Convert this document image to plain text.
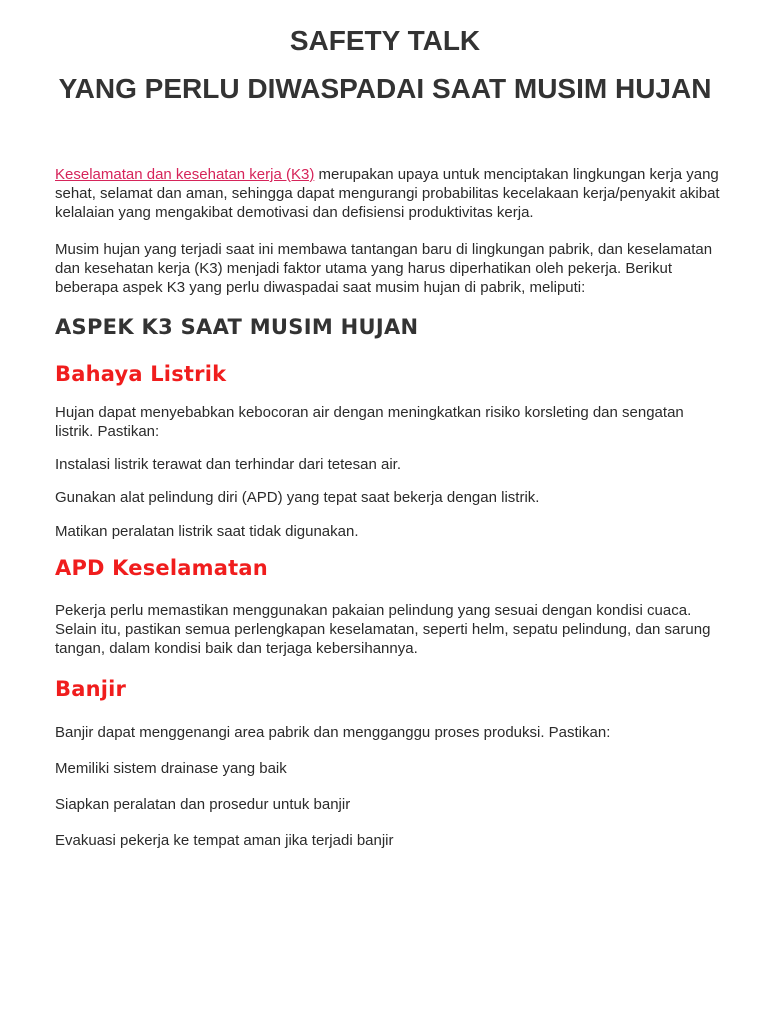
SAFETY TALK
YANG PERLU DIWASPADAI SAAT MUSIM HUJAN

Keselamatan dan kesehatan kerja (K3) merupakan upaya untuk menciptakan lingkungan kerja yang sehat, selamat dan aman, sehingga dapat mengurangi probabilitas kecelakaan kerja/penyakit akibat kelalaian yang mengakibat demotivasi dan defisiensi produktivitas kerja.

Musim hujan yang terjadi saat ini membawa tantangan baru di lingkungan pabrik, dan keselamatan dan kesehatan kerja (K3) menjadi faktor utama yang harus diperhatikan oleh pekerja. Berikut beberapa aspek K3 yang perlu diwaspadai saat musim hujan di pabrik, meliputi:

ASPEK K3 SAAT MUSIM HUJAN
Bahaya Listrik

Hujan dapat menyebabkan kebocoran air dengan meningkatkan risiko korsleting dan sengatan listrik. Pastikan:

Instalasi listrik terawat dan terhindar dari tetesan air.

Gunakan alat pelindung diri (APD) yang tepat saat bekerja dengan listrik.

Matikan peralatan listrik saat tidak digunakan.

APD Keselamatan

Pekerja perlu memastikan menggunakan pakaian pelindung yang sesuai dengan kondisi cuaca. Selain itu, pastikan semua perlengkapan keselamatan, seperti helm, sepatu pelindung, dan sarung tangan, dalam kondisi baik dan terjaga kebersihannya.

Banjir

Banjir dapat menggenangi area pabrik dan mengganggu proses produksi. Pastikan:

Memiliki sistem drainase yang baik

Siapkan peralatan dan prosedur untuk banjir

Evakuasi pekerja ke tempat aman jika terjadi banjir
